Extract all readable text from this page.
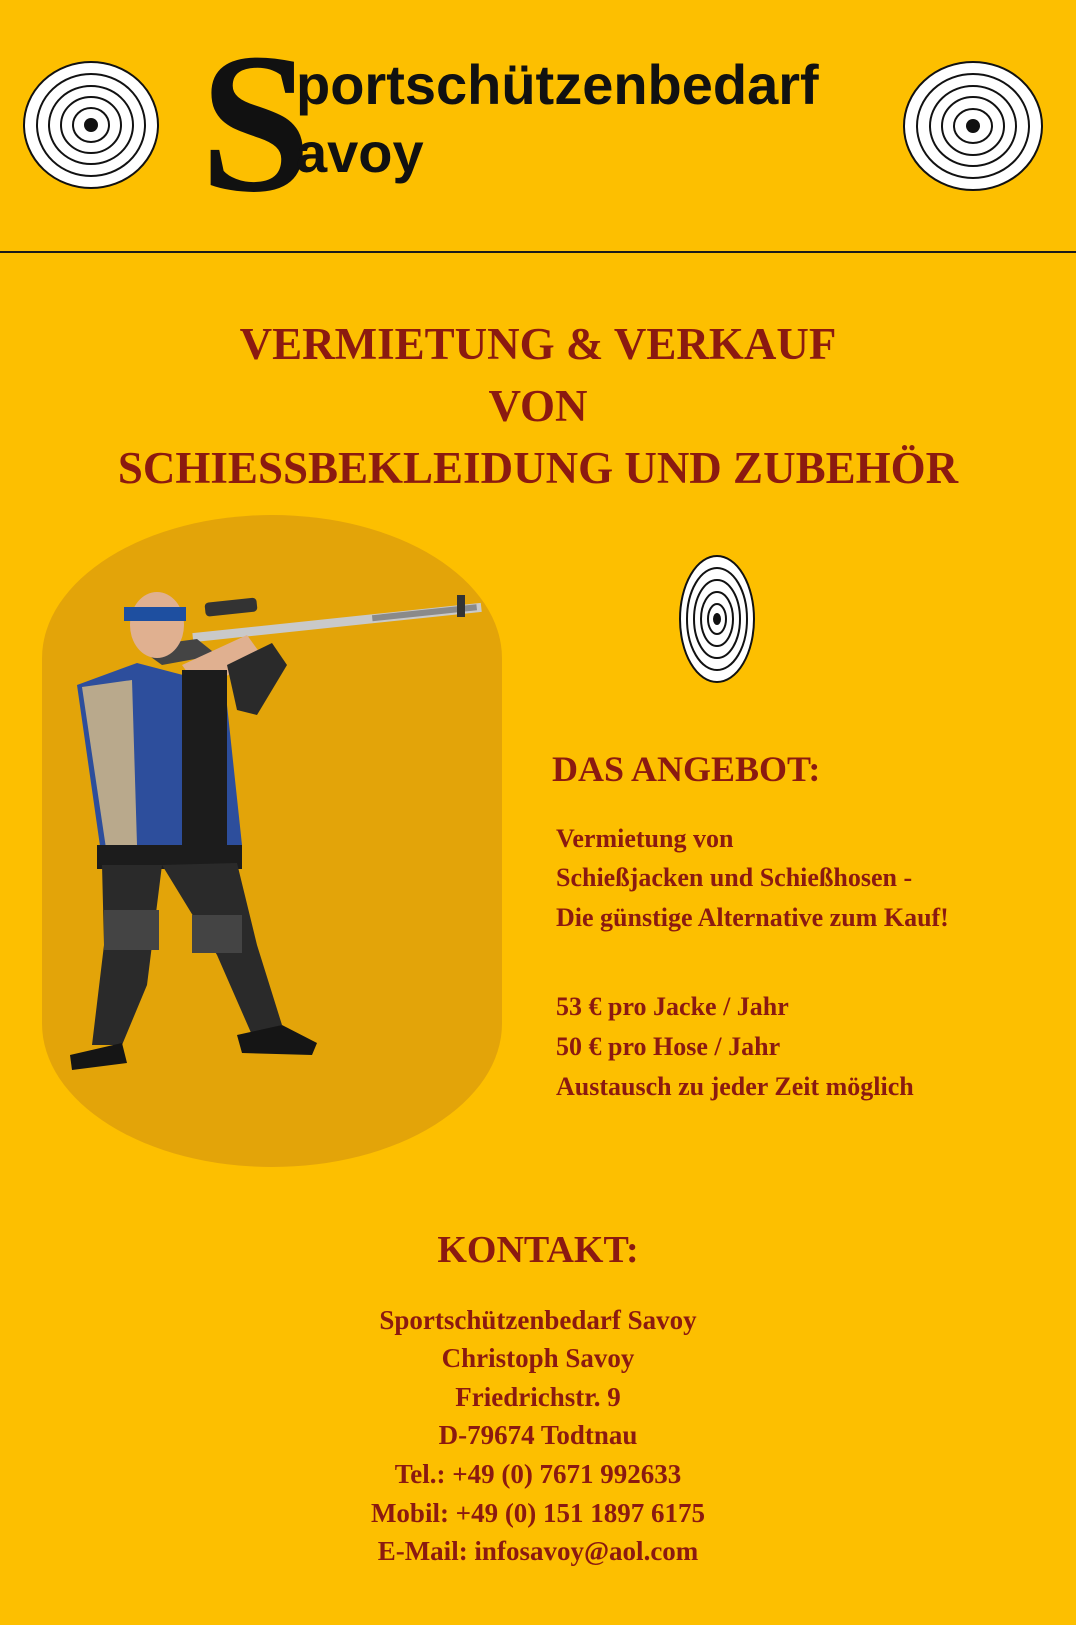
S
portschützenbedarf
avoy
VERMIETUNG & VERKAUF
VON
SCHIESSBEKLEIDUNG UND ZUBEHÖR
DAS ANGEBOT:
Vermietung von
Schießjacken und Schießhosen -
Die günstige Alternative zum Kauf!
53 € pro Jacke / Jahr
50 € pro Hose / Jahr
Austausch zu jeder Zeit möglich
KONTAKT:
Sportschützenbedarf Savoy
Christoph Savoy
Friedrichstr. 9
D-79674 Todtnau
Tel.: +49 (0) 7671 992633
Mobil: +49 (0) 151 1897 6175
E-Mail: infosavoy@aol.com
